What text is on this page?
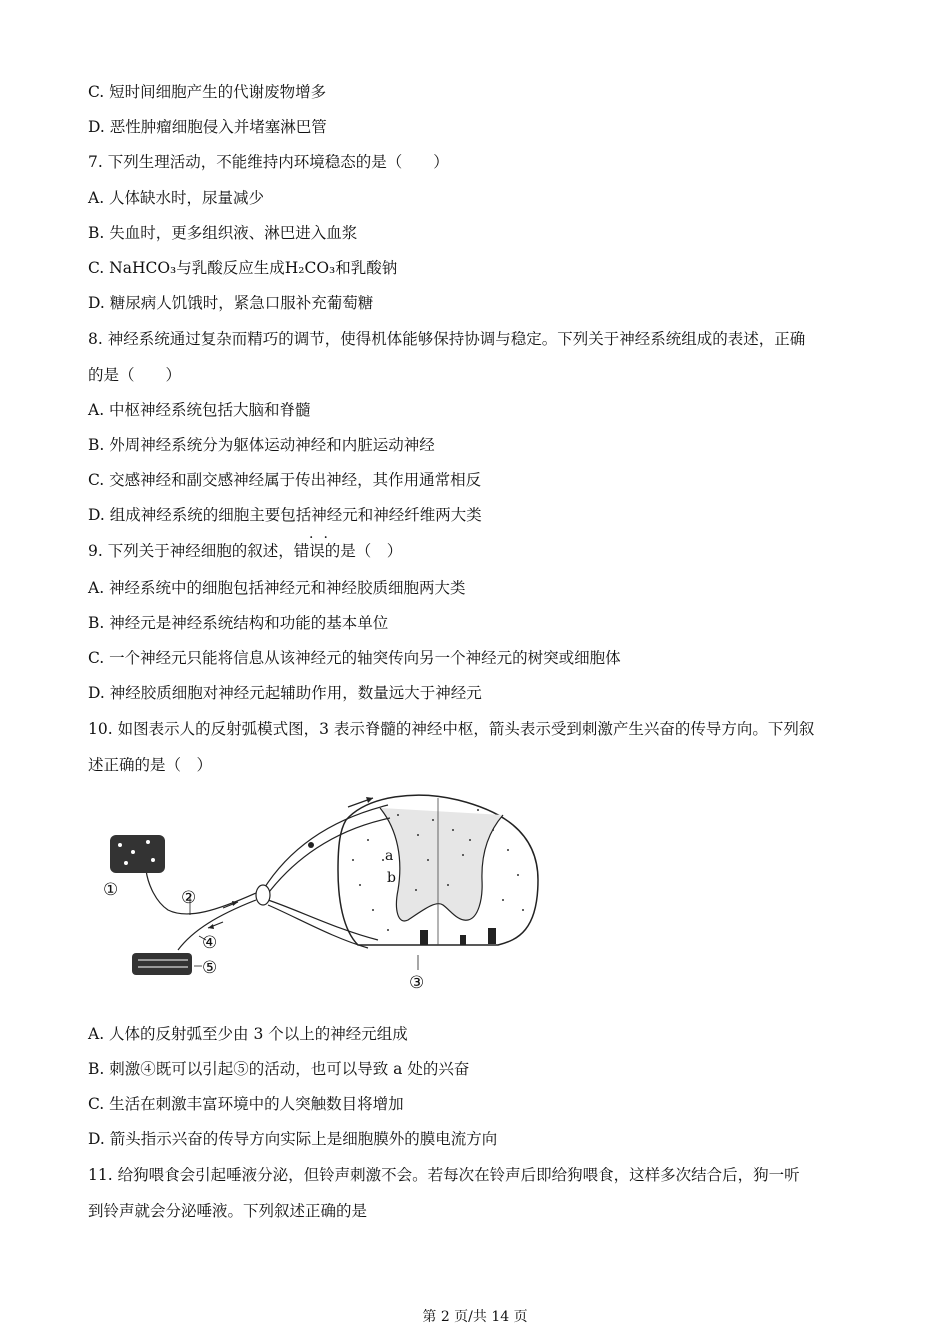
C. 短时间细胞产生的代谢废物增多
D. 恶性肿瘤细胞侵入并堵塞淋巴管
7. 下列生理活动，不能维持内环境稳态的是（　　）
A. 人体缺水时，尿量减少
B. 失血时，更多组织液、淋巴进入血浆
C. NaHCO₃与乳酸反应生成H₂CO₃和乳酸钠
D. 糖尿病人饥饿时，紧急口服补充葡萄糖
8. 神经系统通过复杂而精巧的调节，使得机体能够保持协调与稳定。下列关于神经系统组成的表述，正确
的是（　　）
A. 中枢神经系统包括大脑和脊髓
B. 外周神经系统分为躯体运动神经和内脏运动神经
C. 交感神经和副交感神经属于传出神经，其作用通常相反
D. 组成神经系统的细胞主要包括神经元和神经纤维两大类
··
9. 下列关于神经细胞的叙述，错误的是（　）
A. 神经系统中的细胞包括神经元和神经胶质细胞两大类
B. 神经元是神经系统结构和功能的基本单位
C. 一个神经元只能将信息从该神经元的轴突传向另一个神经元的树突或细胞体
D. 神经胶质细胞对神经元起辅助作用，数量远大于神经元
10. 如图表示人的反射弧模式图，3 表示脊髓的神经中枢，箭头表示受到刺激产生兴奋的传导方向。下列叙
述正确的是（　）
①	②
④
⑤
③
a
b
A. 人体的反射弧至少由 3 个以上的神经元组成
B. 刺激④既可以引起⑤的活动，也可以导致 a 处的兴奋
C. 生活在刺激丰富环境中的人突触数目将增加
D. 箭头指示兴奋的传导方向实际上是细胞膜外的膜电流方向
11. 给狗喂食会引起唾液分泌，但铃声刺激不会。若每次在铃声后即给狗喂食，这样多次结合后，狗一听
到铃声就会分泌唾液。下列叙述正确的是
第 2 页/共 14 页
